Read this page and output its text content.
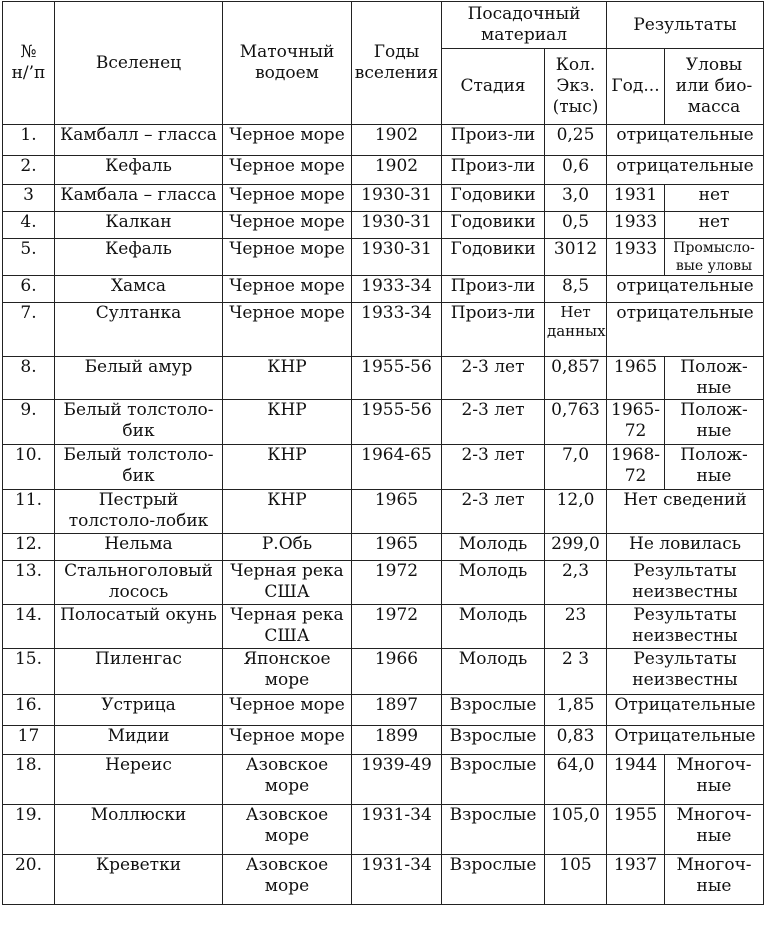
№ н/’п	Вселенец	Маточный водоем	Годы вселения	Посадочный материал		Результаты	
				Стадия	Кол. Экз. (тыс)	Год...	Уловы или био-масса
1.	Камбалл – гласса	Черное море	1902	Произ-ли	0,25	отрицательные	
2.	Кефаль	Черное море	1902	Произ-ли	0,6	отрицательные	
3	Камбала – гласса	Черное море	1930-31	Годовики	3,0	1931	нет
4.	Калкан	Черное море	1930-31	Годовики	0,5	1933	нет
5.	Кефаль	Черное море	1930-31	Годовики	3012	1933	Промысло-вые уловы
6.	Хамса	Черное море	1933-34	Произ-ли	8,5	отрицательные	
7.	Султанка	Черное море	1933-34	Произ-ли	Нет данных	отрицательные	
8.	Белый амур	КНР	1955-56	2-3 лет	0,857	1965	Полож-ные
9.	Белый толстоло-бик	КНР	1955-56	2-3 лет	0,763	1965-72	Полож-ные
10.	Белый толстоло-бик	КНР	1964-65	2-3 лет	7,0	1968-72	Полож-ные
11.	Пестрый толстоло-лобик	КНР	1965	2-3 лет	12,0	Нет сведений	
12.	Нельма	Р.Обь	1965	Молодь	299,0	Не ловилась	
13.	Стальноголовый лосось	Черная река США	1972	Молодь	2,3	Результаты неизвестны	
14.	Полосатый окунь	Черная река США	1972	Молодь	23	Результаты неизвестны	
15.	Пиленгас	Японское море	1966	Молодь	2 3	Результаты неизвестны	
16.	Устрица	Черное море	1897	Взрослые	1,85	Отрицательные	
17	Мидии	Черное море	1899	Взрослые	0,83	Отрицательные	
18.	Нереис	Азовское море	1939-49	Взрослые	64,0	1944	Многоч-ные
19.	Моллюски	Азовское море	1931-34	Взрослые	105,0	1955	Многоч-ные
20.	Креветки	Азовское море	1931-34	Взрослые	105	1937	Многоч-ные
